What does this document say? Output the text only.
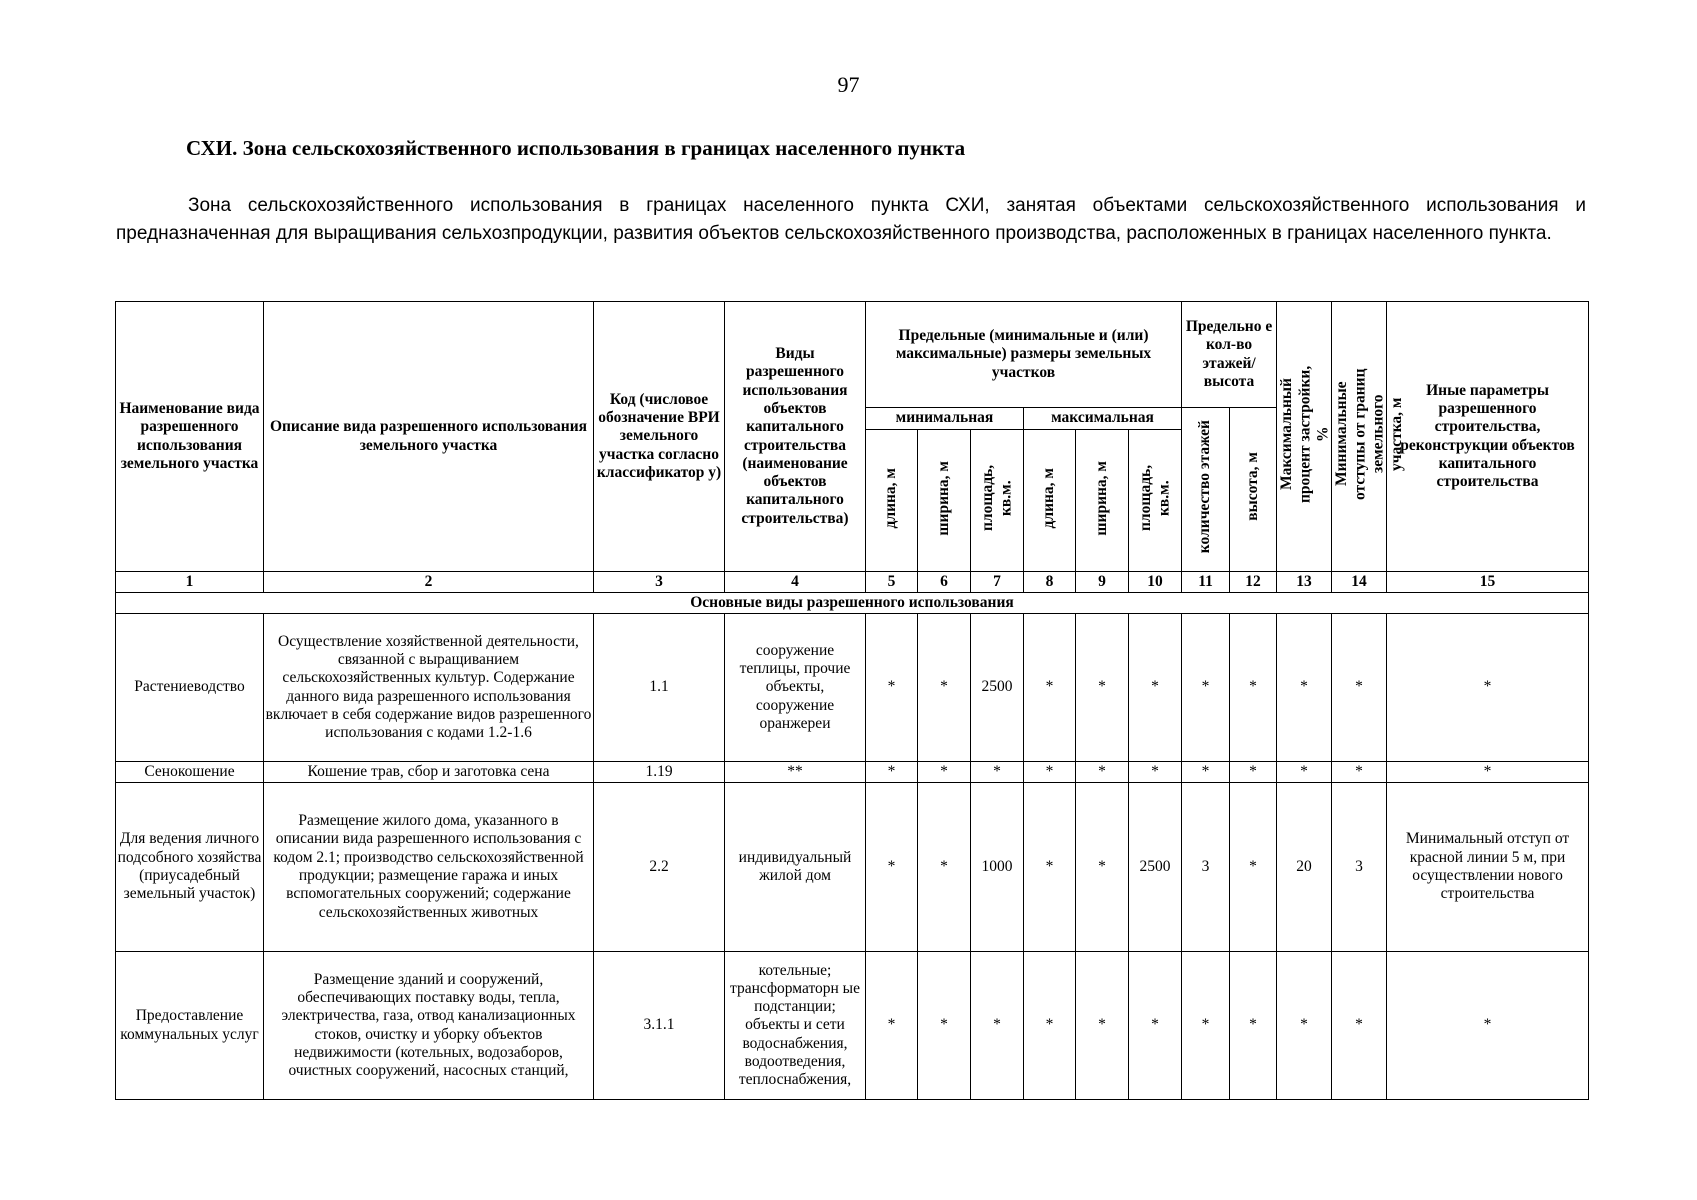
97
СХИ. Зона сельскохозяйственного использования в границах населенного пункта
Зона сельскохозяйственного использования в границах населенного пункта СХИ, занятая объектами сельскохозяйственного использования и предназначенная для выращивания сельхозпродукции, развития объектов сельскохозяйственного производства, расположенных в границах населенного пункта.
Наименование вида разрешенного использования земельного участка	Описание вида разрешенного использования земельного участка	Код (числовое обозначение ВРИ земельного участка согласно классификатор у)	Виды разрешенного использования объектов капитального строительства (наименование объектов капитального строительства)	Предельные (минимальные и (или) максимальные) размеры земельных участков						Предельно е кол-во этажей/ высота		Максимальный процент застройки, %	Минимальные отступы от границ земельного участка, м	Иные параметры разрешенного строительства, реконструкции объектов капитального строительства
				минимальная			максимальная			количество этажей	высота, м			
				длина, м	ширина, м	площадь, кв.м.	длина, м	ширина, м	площадь, кв.м.					
1	2	3	4	5	6	7	8	9	10	11	12	13	14	15
Основные виды разрешенного использования														
Растениеводство	Осуществление хозяйственной деятельности, связанной с выращиванием сельскохозяйственных культур. Содержание данного вида разрешенного использования включает в себя содержание видов разрешенного использования с кодами 1.2-1.6	1.1	сооружение теплицы, прочие объекты, сооружение оранжереи	*	*	2500	*	*	*	*	*	*	*	*
Сенокошение	Кошение трав, сбор и заготовка сена	1.19	**	*	*	*	*	*	*	*	*	*	*	*
Для ведения личного подсобного хозяйства (приусадебный земельный участок)	Размещение жилого дома, указанного в описании вида разрешенного использования с кодом 2.1; производство сельскохозяйственной продукции; размещение гаража и иных вспомогательных сооружений; содержание сельскохозяйственных животных	2.2	индивидуальный жилой дом	*	*	1000	*	*	2500	3	*	20	3	Минимальный отступ от красной линии 5 м, при осуществлении нового строительства
Предоставление коммунальных услуг	Размещение зданий и сооружений, обеспечивающих поставку воды, тепла, электричества, газа, отвод канализационных стоков, очистку и уборку объектов недвижимости (котельных, водозаборов, очистных сооружений, насосных станций,	3.1.1	котельные; трансформаторн ые подстанции; объекты и сети водоснабжения, водоотведения, теплоснабжения,	*	*	*	*	*	*	*	*	*	*	*
